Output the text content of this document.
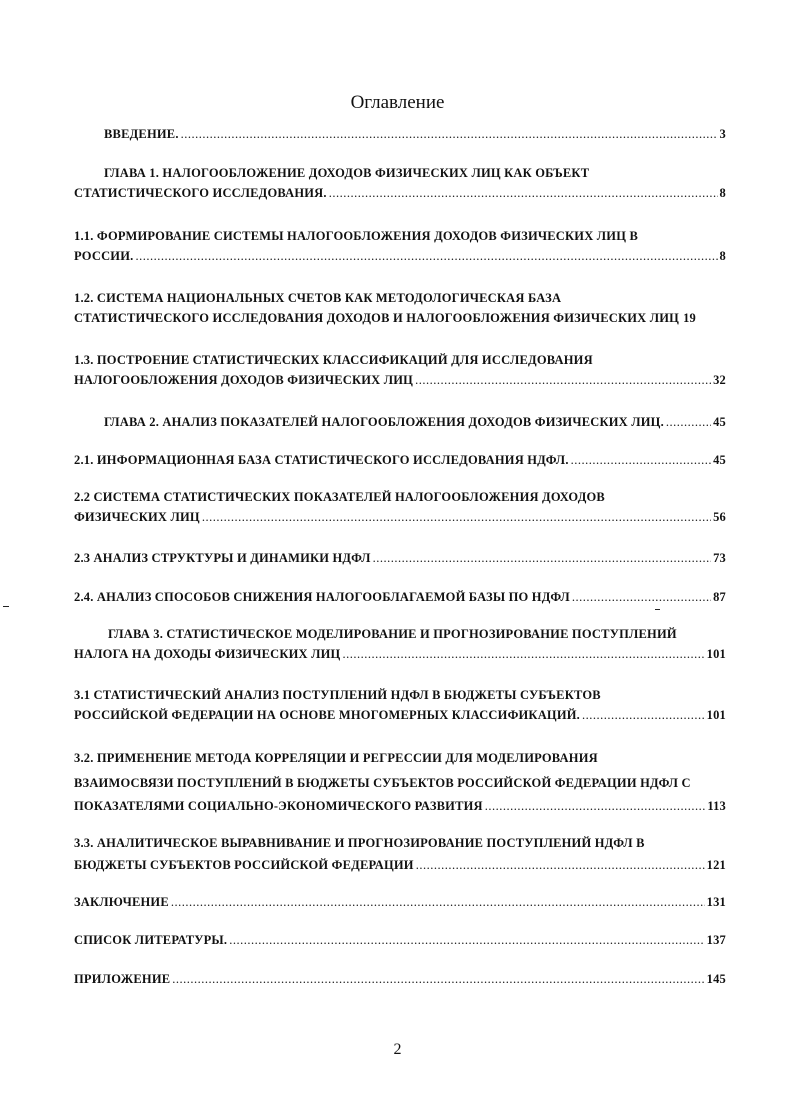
Оглавление
ВВЕДЕНИЕ. .....	3
ГЛАВА 1. НАЛОГООБЛОЖЕНИЕ ДОХОДОВ ФИЗИЧЕСКИХ ЛИЦ КАК ОБЪЕКТ
СТАТИСТИЧЕСКОГО ИССЛЕДОВАНИЯ. .....	8
1.1. ФОРМИРОВАНИЕ СИСТЕМЫ НАЛОГООБЛОЖЕНИЯ ДОХОДОВ ФИЗИЧЕСКИХ ЛИЦ В
РОССИИ. .....	8
1.2. СИСТЕМА НАЦИОНАЛЬНЫХ СЧЕТОВ КАК МЕТОДОЛОГИЧЕСКАЯ БАЗА
СТАТИСТИЧЕСКОГО ИССЛЕДОВАНИЯ ДОХОДОВ И НАЛОГООБЛОЖЕНИЯ ФИЗИЧЕСКИХ ЛИЦ 19
1.3. ПОСТРОЕНИЕ СТАТИСТИЧЕСКИХ КЛАССИФИКАЦИЙ ДЛЯ ИССЛЕДОВАНИЯ
НАЛОГООБЛОЖЕНИЯ ДОХОДОВ ФИЗИЧЕСКИХ ЛИЦ .....	32
ГЛАВА 2. АНАЛИЗ ПОКАЗАТЕЛЕЙ НАЛОГООБЛОЖЕНИЯ ДОХОДОВ ФИЗИЧЕСКИХ ЛИЦ. .....	45
2.1. ИНФОРМАЦИОННАЯ БАЗА СТАТИСТИЧЕСКОГО ИССЛЕДОВАНИЯ НДФЛ. .....	45
2.2 СИСТЕМА СТАТИСТИЧЕСКИХ ПОКАЗАТЕЛЕЙ НАЛОГООБЛОЖЕНИЯ ДОХОДОВ
ФИЗИЧЕСКИХ ЛИЦ .....	56
2.3 АНАЛИЗ СТРУКТУРЫ И ДИНАМИКИ НДФЛ .....	73
2.4. АНАЛИЗ СПОСОБОВ СНИЖЕНИЯ НАЛОГООБЛАГАЕМОЙ БАЗЫ ПО НДФЛ .....	87
ГЛАВА 3. СТАТИСТИЧЕСКОЕ МОДЕЛИРОВАНИЕ И ПРОГНОЗИРОВАНИЕ ПОСТУПЛЕНИЙ
НАЛОГА НА ДОХОДЫ ФИЗИЧЕСКИХ ЛИЦ .....	101
3.1 СТАТИСТИЧЕСКИЙ АНАЛИЗ ПОСТУПЛЕНИЙ НДФЛ В БЮДЖЕТЫ СУБЪЕКТОВ
РОССИЙСКОЙ ФЕДЕРАЦИИ НА ОСНОВЕ МНОГОМЕРНЫХ КЛАССИФИКАЦИЙ. .....	101
3.2. ПРИМЕНЕНИЕ МЕТОДА КОРРЕЛЯЦИИ И РЕГРЕССИИ ДЛЯ МОДЕЛИРОВАНИЯ
ВЗАИМОСВЯЗИ ПОСТУПЛЕНИЙ В БЮДЖЕТЫ СУБЪЕКТОВ РОССИЙСКОЙ ФЕДЕРАЦИИ НДФЛ С
ПОКАЗАТЕЛЯМИ СОЦИАЛЬНО-ЭКОНОМИЧЕСКОГО РАЗВИТИЯ .....	113
3.3. АНАЛИТИЧЕСКОЕ ВЫРАВНИВАНИЕ И ПРОГНОЗИРОВАНИЕ ПОСТУПЛЕНИЙ НДФЛ В
БЮДЖЕТЫ СУБЪЕКТОВ РОССИЙСКОЙ ФЕДЕРАЦИИ .....	121
ЗАКЛЮЧЕНИЕ .....	131
СПИСОК ЛИТЕРАТУРЫ. .....	137
ПРИЛОЖЕНИЕ .....	145
2
